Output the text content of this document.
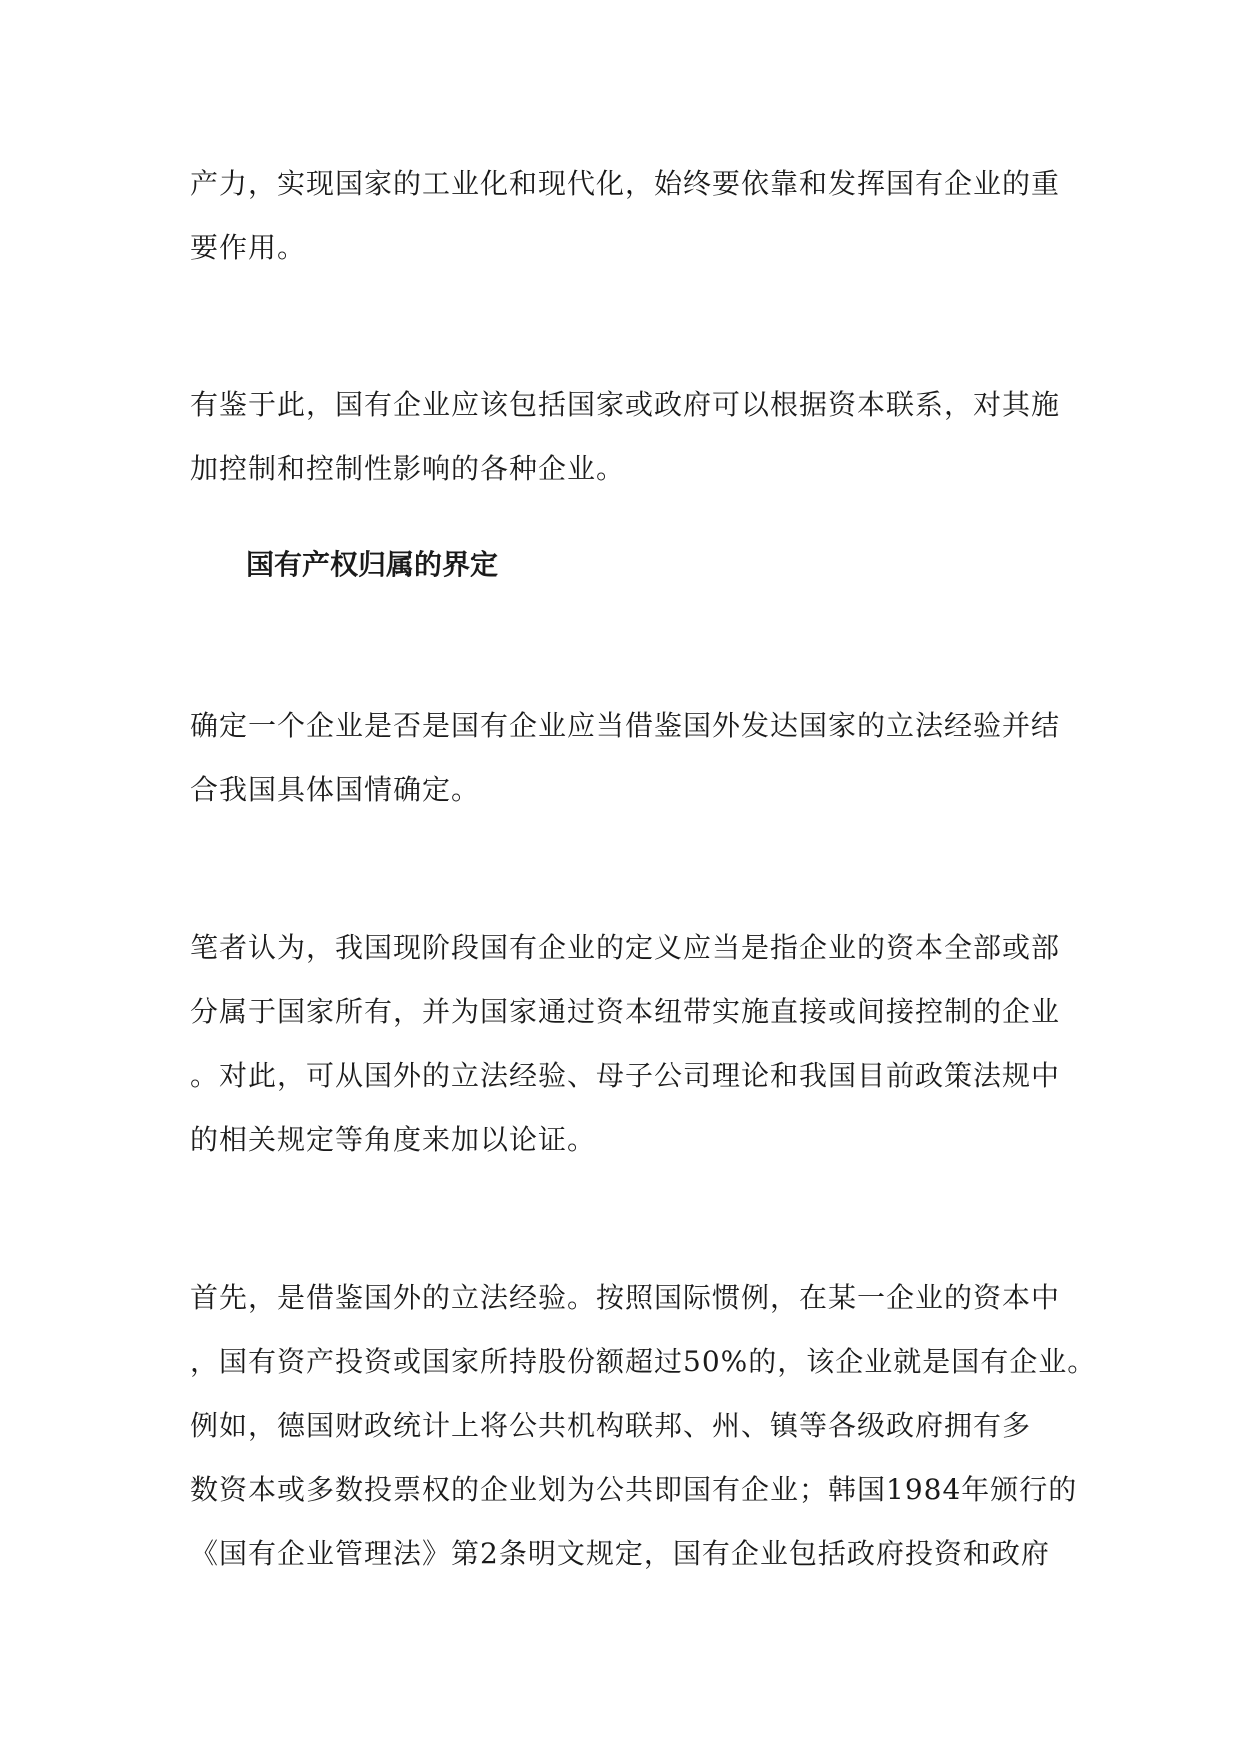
产力，实现国家的工业化和现代化，始终要依靠和发挥国有企业的重
要作用。
有鉴于此，国有企业应该包括国家或政府可以根据资本联系，对其施
加控制和控制性影响的各种企业。
国有产权归属的界定
确定一个企业是否是国有企业应当借鉴国外发达国家的立法经验并结
合我国具体国情确定。
笔者认为，我国现阶段国有企业的定义应当是指企业的资本全部或部
分属于国家所有，并为国家通过资本纽带实施直接或间接控制的企业
。对此，可从国外的立法经验、母子公司理论和我国目前政策法规中
的相关规定等角度来加以论证。
首先，是借鉴国外的立法经验。按照国际惯例，在某一企业的资本中
，国有资产投资或国家所持股份额超过50%的，该企业就是国有企业。
例如，德国财政统计上将公共机构联邦、州、镇等各级政府拥有多
数资本或多数投票权的企业划为公共即国有企业；韩国1984年颁行的
《国有企业管理法》第2条明文规定，国有企业包括政府投资和政府
